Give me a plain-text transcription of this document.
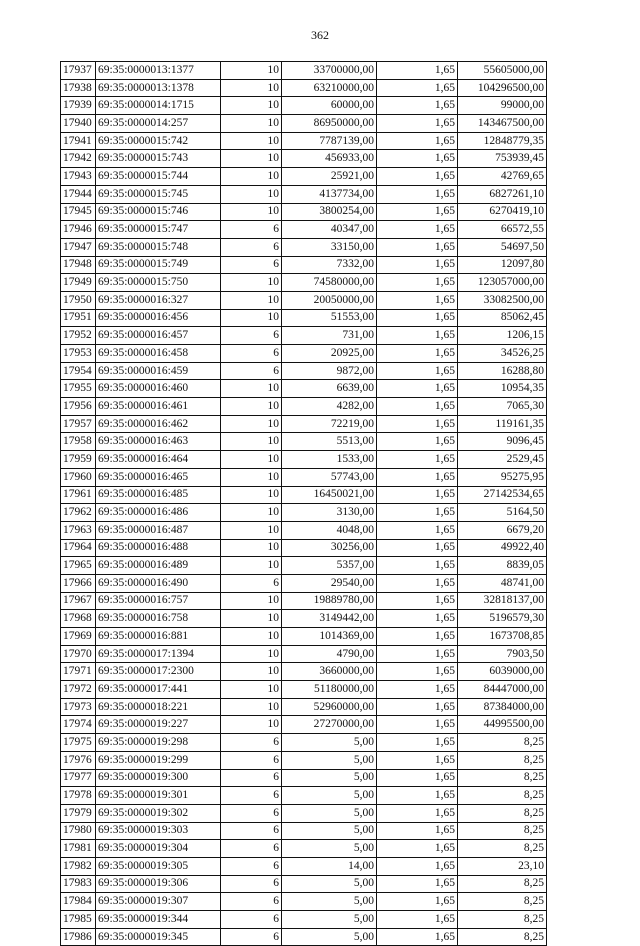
362
17937	69:35:0000013:1377	10	33700000,00	1,65	55605000,00
17938	69:35:0000013:1378	10	63210000,00	1,65	104296500,00
17939	69:35:0000014:1715	10	60000,00	1,65	99000,00
17940	69:35:0000014:257	10	86950000,00	1,65	143467500,00
17941	69:35:0000015:742	10	7787139,00	1,65	12848779,35
17942	69:35:0000015:743	10	456933,00	1,65	753939,45
17943	69:35:0000015:744	10	25921,00	1,65	42769,65
17944	69:35:0000015:745	10	4137734,00	1,65	6827261,10
17945	69:35:0000015:746	10	3800254,00	1,65	6270419,10
17946	69:35:0000015:747	6	40347,00	1,65	66572,55
17947	69:35:0000015:748	6	33150,00	1,65	54697,50
17948	69:35:0000015:749	6	7332,00	1,65	12097,80
17949	69:35:0000015:750	10	74580000,00	1,65	123057000,00
17950	69:35:0000016:327	10	20050000,00	1,65	33082500,00
17951	69:35:0000016:456	10	51553,00	1,65	85062,45
17952	69:35:0000016:457	6	731,00	1,65	1206,15
17953	69:35:0000016:458	6	20925,00	1,65	34526,25
17954	69:35:0000016:459	6	9872,00	1,65	16288,80
17955	69:35:0000016:460	10	6639,00	1,65	10954,35
17956	69:35:0000016:461	10	4282,00	1,65	7065,30
17957	69:35:0000016:462	10	72219,00	1,65	119161,35
17958	69:35:0000016:463	10	5513,00	1,65	9096,45
17959	69:35:0000016:464	10	1533,00	1,65	2529,45
17960	69:35:0000016:465	10	57743,00	1,65	95275,95
17961	69:35:0000016:485	10	16450021,00	1,65	27142534,65
17962	69:35:0000016:486	10	3130,00	1,65	5164,50
17963	69:35:0000016:487	10	4048,00	1,65	6679,20
17964	69:35:0000016:488	10	30256,00	1,65	49922,40
17965	69:35:0000016:489	10	5357,00	1,65	8839,05
17966	69:35:0000016:490	6	29540,00	1,65	48741,00
17967	69:35:0000016:757	10	19889780,00	1,65	32818137,00
17968	69:35:0000016:758	10	3149442,00	1,65	5196579,30
17969	69:35:0000016:881	10	1014369,00	1,65	1673708,85
17970	69:35:0000017:1394	10	4790,00	1,65	7903,50
17971	69:35:0000017:2300	10	3660000,00	1,65	6039000,00
17972	69:35:0000017:441	10	51180000,00	1,65	84447000,00
17973	69:35:0000018:221	10	52960000,00	1,65	87384000,00
17974	69:35:0000019:227	10	27270000,00	1,65	44995500,00
17975	69:35:0000019:298	6	5,00	1,65	8,25
17976	69:35:0000019:299	6	5,00	1,65	8,25
17977	69:35:0000019:300	6	5,00	1,65	8,25
17978	69:35:0000019:301	6	5,00	1,65	8,25
17979	69:35:0000019:302	6	5,00	1,65	8,25
17980	69:35:0000019:303	6	5,00	1,65	8,25
17981	69:35:0000019:304	6	5,00	1,65	8,25
17982	69:35:0000019:305	6	14,00	1,65	23,10
17983	69:35:0000019:306	6	5,00	1,65	8,25
17984	69:35:0000019:307	6	5,00	1,65	8,25
17985	69:35:0000019:344	6	5,00	1,65	8,25
17986	69:35:0000019:345	6	5,00	1,65	8,25
